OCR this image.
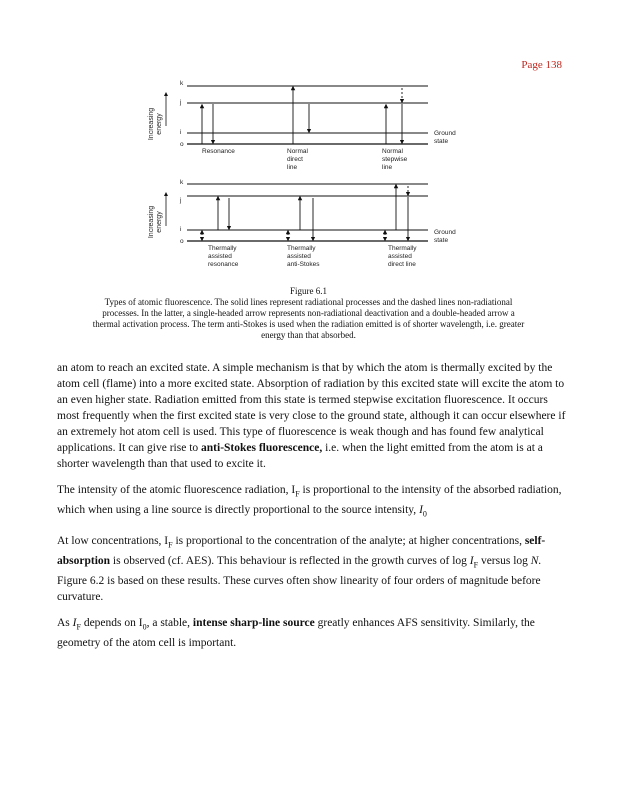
Page 138
Increasing energy
k
j
i
o
Ground
state
Resonance	Normal
direct
line
Normal
stepwise
line
Increasing energy
k
j
i
o
Ground
state
Thermally
assisted
resonance
Thermally
assisted
anti-Stokes
Thermally
assisted
direct line
Figure 6.1
Types of atomic fluorescence. The solid lines represent radiational processes and the dashed lines non-radiational processes. In the latter, a single-headed arrow represents non-radiational deactivation and a double-headed arrow a thermal activation process. The term anti-Stokes is used when the radiation emitted is of shorter wavelength, i.e. greater energy than that absorbed.

an atom to reach an excited state. A simple mechanism is that by which the atom is thermally excited by the atom cell (flame) into a more excited state. Absorption of radiation by this excited state will excite the atom to an even higher state. Radiation emitted from this state is termed stepwise excitation fluorescence. It occurs most frequently when the first excited state is very close to the ground state, although it can occur elsewhere if an extremely hot atom cell is used. This type of fluorescence is weak though and has found few analytical applications. It can give rise to anti-Stokes fluorescence, i.e. when the light emitted from the atom is at a shorter wavelength than that used to excite it.

The intensity of the atomic fluorescence radiation, $I_F$ is proportional to the intensity of the absorbed radiation, which when using a line source is directly proportional to the source intensity, $I_0$

At low concentrations, $I_F$ is proportional to the concentration of the analyte; at higher concentrations, self-absorption is observed (cf. AES). This behaviour is reflected in the growth curves of $\log I_F$ versus log N. Figure 6.2 is based on these results. These curves often show linearity of four orders of magnitude before curvature.

As $I_F$ depends on $I_0$, a stable, intense sharp-line source greatly enhances AFS sensitivity. Similarly, the geometry of the atom cell is important.
